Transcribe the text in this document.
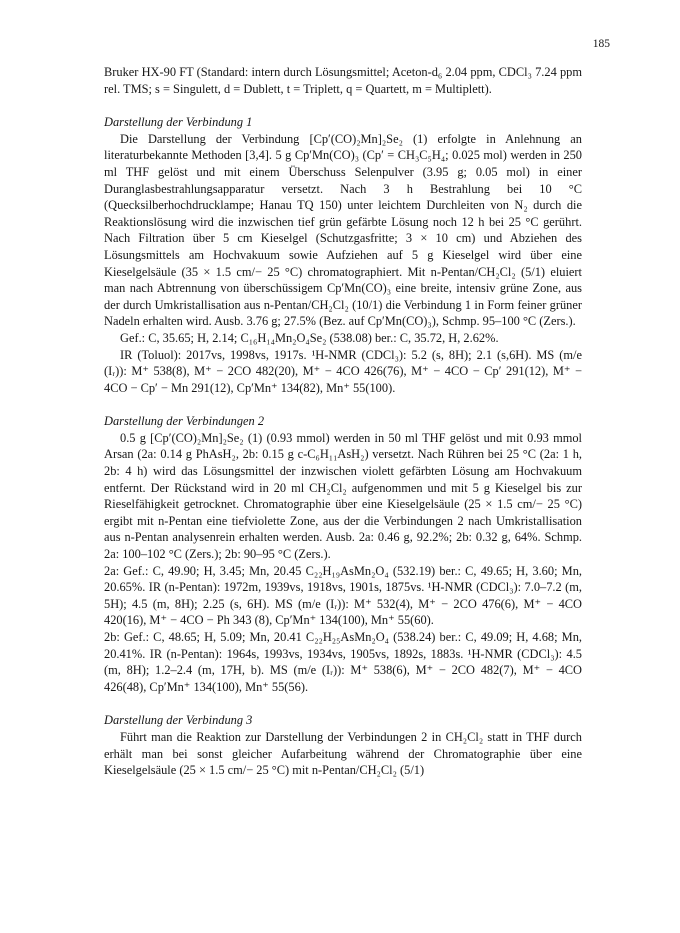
185

Bruker HX-90 FT (Standard: intern durch Lösungsmittel; Aceton-d₆ 2.04 ppm, CDCl₃ 7.24 ppm rel. TMS; s = Singulett, d = Dublett, t = Triplett, q = Quartett, m = Multiplett).

Darstellung der Verbindung 1

Die Darstellung der Verbindung [Cp′(CO)₂Mn]₂Se₂ (1) erfolgte in Anlehnung an literaturbekannte Methoden [3,4]. 5 g Cp′Mn(CO)₃ (Cp′ = CH₃C₅H₄; 0.025 mol) werden in 250 ml THF gelöst und mit einem Überschuss Selenpulver (3.95 g; 0.05 mol) in einer Duranglasbestrahlungsapparatur versetzt. Nach 3 h Bestrahlung bei 10 °C (Quecksilberhochdrucklampe; Hanau TQ 150) unter leichtem Durchleiten von N₂ durch die Reaktionslösung wird die inzwischen tief grün gefärbte Lösung noch 12 h bei 25 °C gerührt. Nach Filtration über 5 cm Kieselgel (Schutzgasfritte; 3 × 10 cm) und Abziehen des Lösungsmittels am Hochvakuum sowie Aufziehen auf 5 g Kieselgel wird über eine Kieselgelsäule (35 × 1.5 cm/− 25 °C) chromatographiert. Mit n-Pentan/CH₂Cl₂ (5/1) eluiert man nach Abtrennung von überschüssigem Cp′Mn(CO)₃ eine breite, intensiv grüne Zone, aus der durch Umkristallisation aus n-Pentan/CH₂Cl₂ (10/1) die Verbindung 1 in Form feiner grüner Nadeln erhalten wird. Ausb. 3.76 g; 27.5% (Bez. auf Cp′Mn(CO)₃), Schmp. 95–100 °C (Zers.).

Gef.: C, 35.65; H, 2.14; C₁₆H₁₄Mn₂O₄Se₂ (538.08) ber.: C, 35.72, H, 2.62%.

IR (Toluol): 2017vs, 1998vs, 1917s. ¹H-NMR (CDCl₃): 5.2 (s, 8H); 2.1 (s,6H). MS (m/e (Iᵣ)): M⁺ 538(8), M⁺ − 2CO 482(20), M⁺ − 4CO 426(76), M⁺ − 4CO − Cp′ 291(12), M⁺ − 4CO − Cp′ − Mn 291(12), Cp′Mn⁺ 134(82), Mn⁺ 55(100).

Darstellung der Verbindungen 2

0.5 g [Cp′(CO)₂Mn]₂Se₂ (1) (0.93 mmol) werden in 50 ml THF gelöst und mit 0.93 mmol Arsan (2a: 0.14 g PhAsH₂, 2b: 0.15 g c-C₆H₁₁AsH₂) versetzt. Nach Rühren bei 25 °C (2a: 1 h, 2b: 4 h) wird das Lösungsmittel der inzwischen violett gefärbten Lösung am Hochvakuum entfernt. Der Rückstand wird in 20 ml CH₂Cl₂ aufgenommen und mit 5 g Kieselgel bis zur Rieselfähigkeit getrocknet. Chromatographie über eine Kieselgelsäule (25 × 1.5 cm/− 25 °C) ergibt mit n-Pentan eine tiefviolette Zone, aus der die Verbindungen 2 nach Umkristallisation aus n-Pentan analysenrein erhalten werden. Ausb. 2a: 0.46 g, 92.2%; 2b: 0.32 g, 64%. Schmp. 2a: 100–102 °C (Zers.); 2b: 90–95 °C (Zers.).

2a: Gef.: C, 49.90; H, 3.45; Mn, 20.45 C₂₂H₁₉AsMn₂O₄ (532.19) ber.: C, 49.65; H, 3.60; Mn, 20.65%. IR (n-Pentan): 1972m, 1939vs, 1918vs, 1901s, 1875vs. ¹H-NMR (CDCl₃): 7.0–7.2 (m, 5H); 4.5 (m, 8H); 2.25 (s, 6H). MS (m/e (Iᵣ)): M⁺ 532(4), M⁺ − 2CO 476(6), M⁺ − 4CO 420(16), M⁺ − 4CO − Ph 343 (8), Cp′Mn⁺ 134(100), Mn⁺ 55(60).

2b: Gef.: C, 48.65; H, 5.09; Mn, 20.41 C₂₂H₂₅AsMn₂O₄ (538.24) ber.: C, 49.09; H, 4.68; Mn, 20.41%. IR (n-Pentan): 1964s, 1993vs, 1934vs, 1905vs, 1892s, 1883s. ¹H-NMR (CDCl₃): 4.5 (m, 8H); 1.2–2.4 (m, 17H, b). MS (m/e (Iᵣ)): M⁺ 538(6), M⁺ − 2CO 482(7), M⁺ − 4CO 426(48), Cp′Mn⁺ 134(100), Mn⁺ 55(56).

Darstellung der Verbindung 3

Führt man die Reaktion zur Darstellung der Verbindungen 2 in CH₂Cl₂ statt in THF durch erhält man bei sonst gleicher Aufarbeitung während der Chromatographie über eine Kieselgelsäule (25 × 1.5 cm/− 25 °C) mit n-Pentan/CH₂Cl₂ (5/1)
